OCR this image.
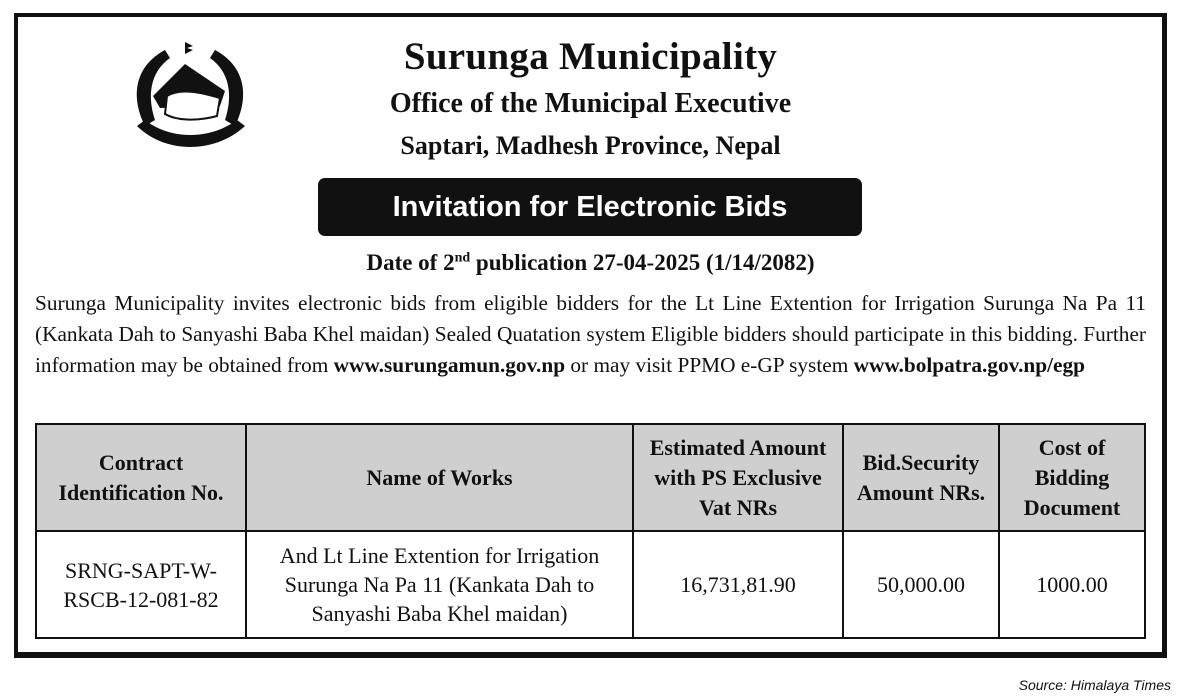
Surunga Municipality
Office of the Municipal Executive
Saptari, Madhesh Province, Nepal
Invitation for Electronic Bids
Date of 2nd publication 27-04-2025 (1/14/2082)

Surunga Municipality invites electronic bids from eligible bidders for the Lt Line Extention for Irrigation Surunga Na Pa 11 (Kankata Dah to Sanyashi Baba Khel maidan) Sealed Quatation system Eligible bidders should participate in this bidding. Further information may be obtained from www.surungamun.gov.np or may visit PPMO e-GP system www.bolpatra.gov.np/egp

Contract Identification No.	Name of Works	Estimated Amount with PS Exclusive Vat NRs	Bid.Security Amount NRs.	Cost of Bidding Document
SRNG-SAPT-W-RSCB-12-081-82	And Lt Line Extention for Irrigation Surunga Na Pa 11 (Kankata Dah to Sanyashi Baba Khel maidan)	16,731,81.90	50,000.00	1000.00
Source: Himalaya Times
